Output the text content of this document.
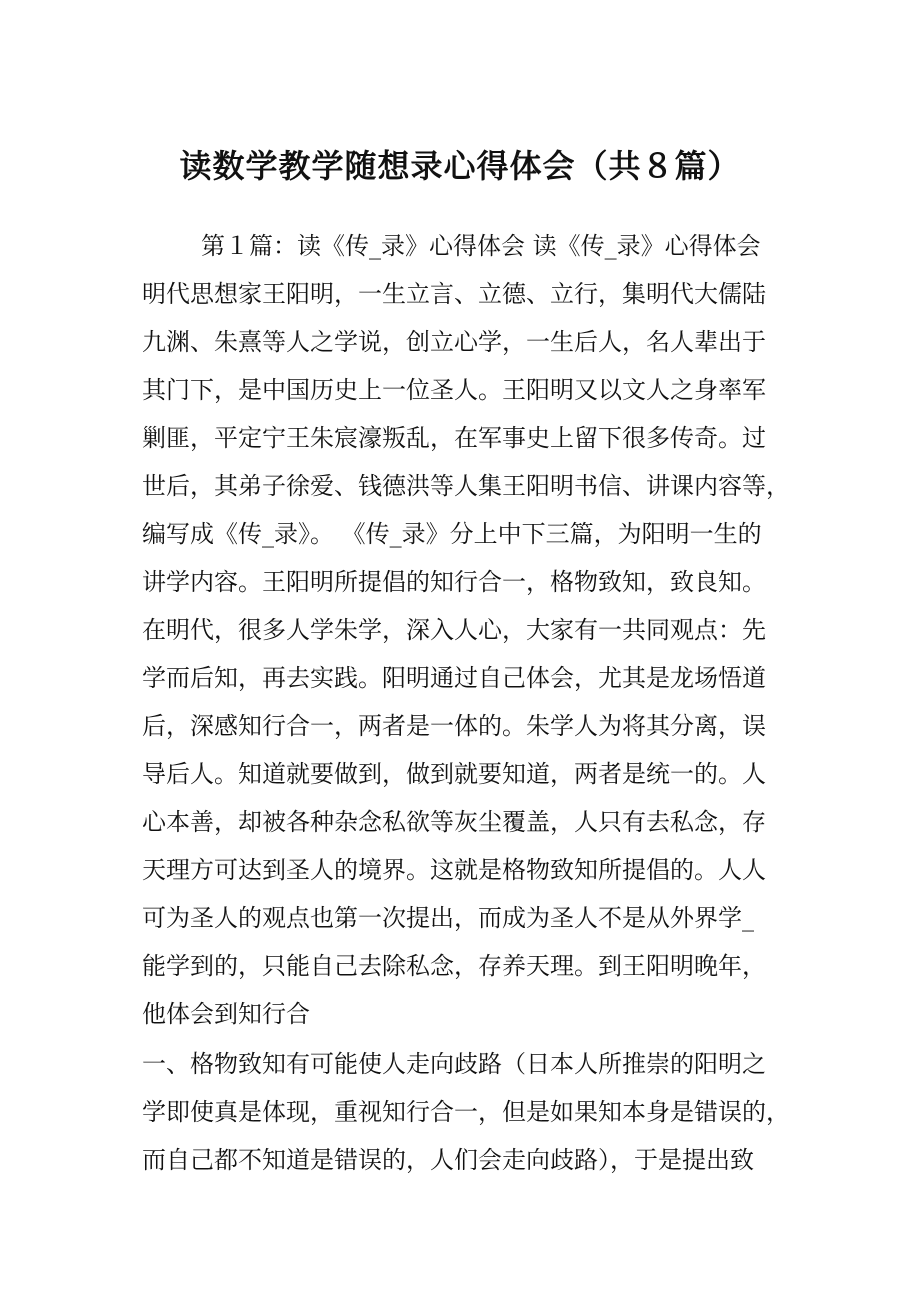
读数学教学随想录心得体会（共８篇）
第１篇：读《传_录》心得体会 读《传_录》心得体会
明代思想家王阳明，一生立言、立德、立行，集明代大儒陆
九渊、朱熹等人之学说，创立心学，一生后人，名人辈出于
其门下，是中国历史上一位圣人。王阳明又以文人之身率军
剿匪，平定宁王朱宸濠叛乱，在军事史上留下很多传奇。过
世后，其弟子徐爱、钱德洪等人集王阳明书信、讲课内容等，
编写成《传_录》。 《传_录》分上中下三篇，为阳明一生的
讲学内容。王阳明所提倡的知行合一，格物致知，致良知。
在明代，很多人学朱学，深入人心，大家有一共同观点：先
学而后知，再去实践。阳明通过自己体会，尤其是龙场悟道
后，深感知行合一，两者是一体的。朱学人为将其分离，误
导后人。知道就要做到，做到就要知道，两者是统一的。人
心本善，却被各种杂念私欲等灰尘覆盖，人只有去私念，存
天理方可达到圣人的境界。这就是格物致知所提倡的。人人
可为圣人的观点也第一次提出，而成为圣人不是从外界学_
能学到的，只能自己去除私念，存养天理。到王阳明晚年，
他体会到知行合
一、格物致知有可能使人走向歧路（日本人所推崇的阳明之
学即使真是体现，重视知行合一，但是如果知本身是错误的，
而自己都不知道是错误的，人们会走向歧路），于是提出致
